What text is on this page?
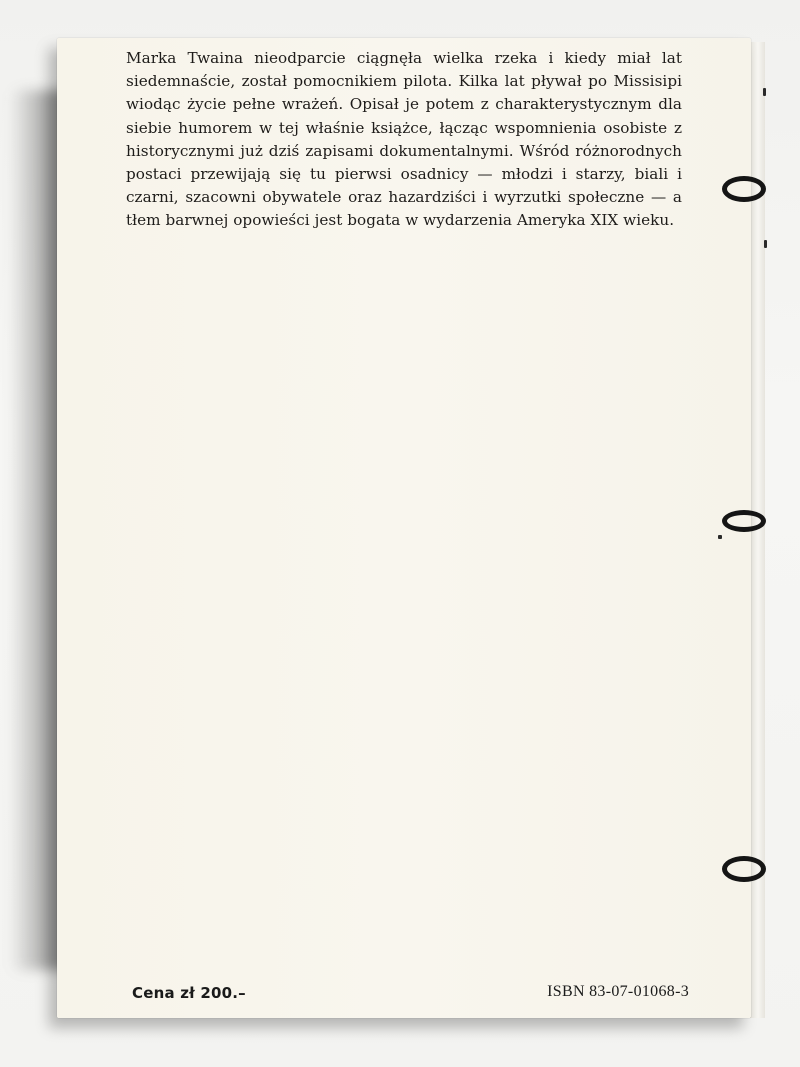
Marka Twaina nieodparcie ciągnęła wielka rzeka i kiedy miał lat siedemnaście, został pomocnikiem pilota. Kilka lat pływał po Missisipi wiodąc życie pełne wrażeń. Opisał je potem z charakterystycznym dla siebie humorem w tej właśnie książce, łącząc wspomnienia osobiste z historycznymi już dziś zapisami dokumentalnymi. Wśród różnorodnych postaci przewijają się tu pierwsi osadnicy — młodzi i starzy, biali i czarni, szacowni obywatele oraz hazardziści i wyrzutki społeczne — a tłem barwnej opowieści jest bogata w wydarzenia Ameryka XIX wieku.

Cena zł 200.–	ISBN 83-07-01068-3
